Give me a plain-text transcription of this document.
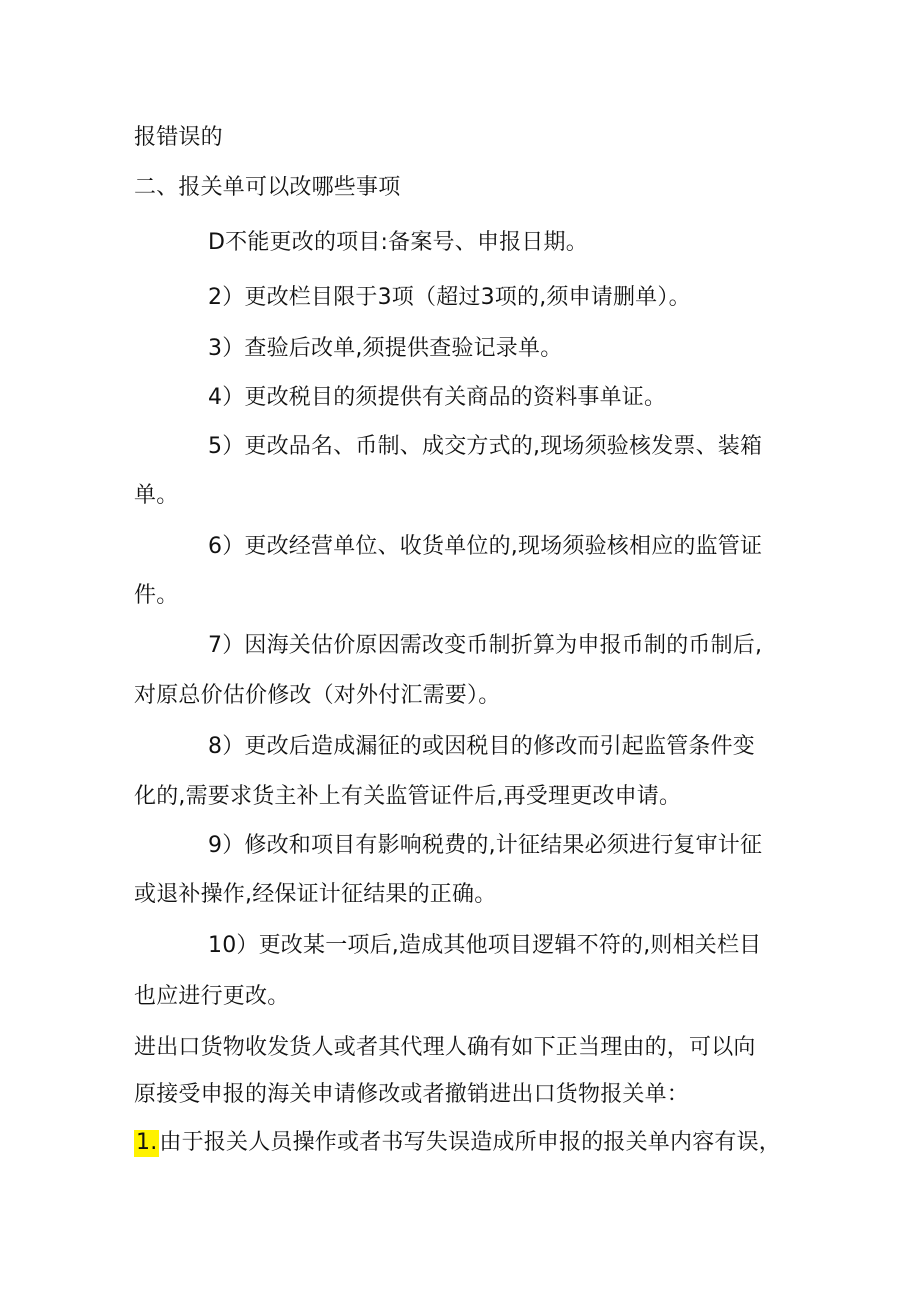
报错误的
二、报关单可以改哪些事项
D不能更改的项目:备案号、申报日期。
2）更改栏目限于3项（超过3项的,须申请删单）。
3）查验后改单,须提供查验记录单。
4）更改税目的须提供有关商品的资料事单证。
5）更改品名、币制、成交方式的,现场须验核发票、装箱
单。
6）更改经营单位、收货单位的,现场须验核相应的监管证
件。
7）因海关估价原因需改变币制折算为申报币制的币制后,
对原总价估价修改（对外付汇需要）。
8）更改后造成漏征的或因税目的修改而引起监管条件变
化的,需要求货主补上有关监管证件后,再受理更改申请。
9）修改和项目有影响税费的,计征结果必须进行复审计征
或退补操作,经保证计征结果的正确。
10）更改某一项后,造成其他项目逻辑不符的,则相关栏目
也应进行更改。
进出口货物收发货人或者其代理人确有如下正当理由的，可以向
原接受申报的海关申请修改或者撤销进出口货物报关单：
1.由于报关人员操作或者书写失误造成所申报的报关单内容有误，
